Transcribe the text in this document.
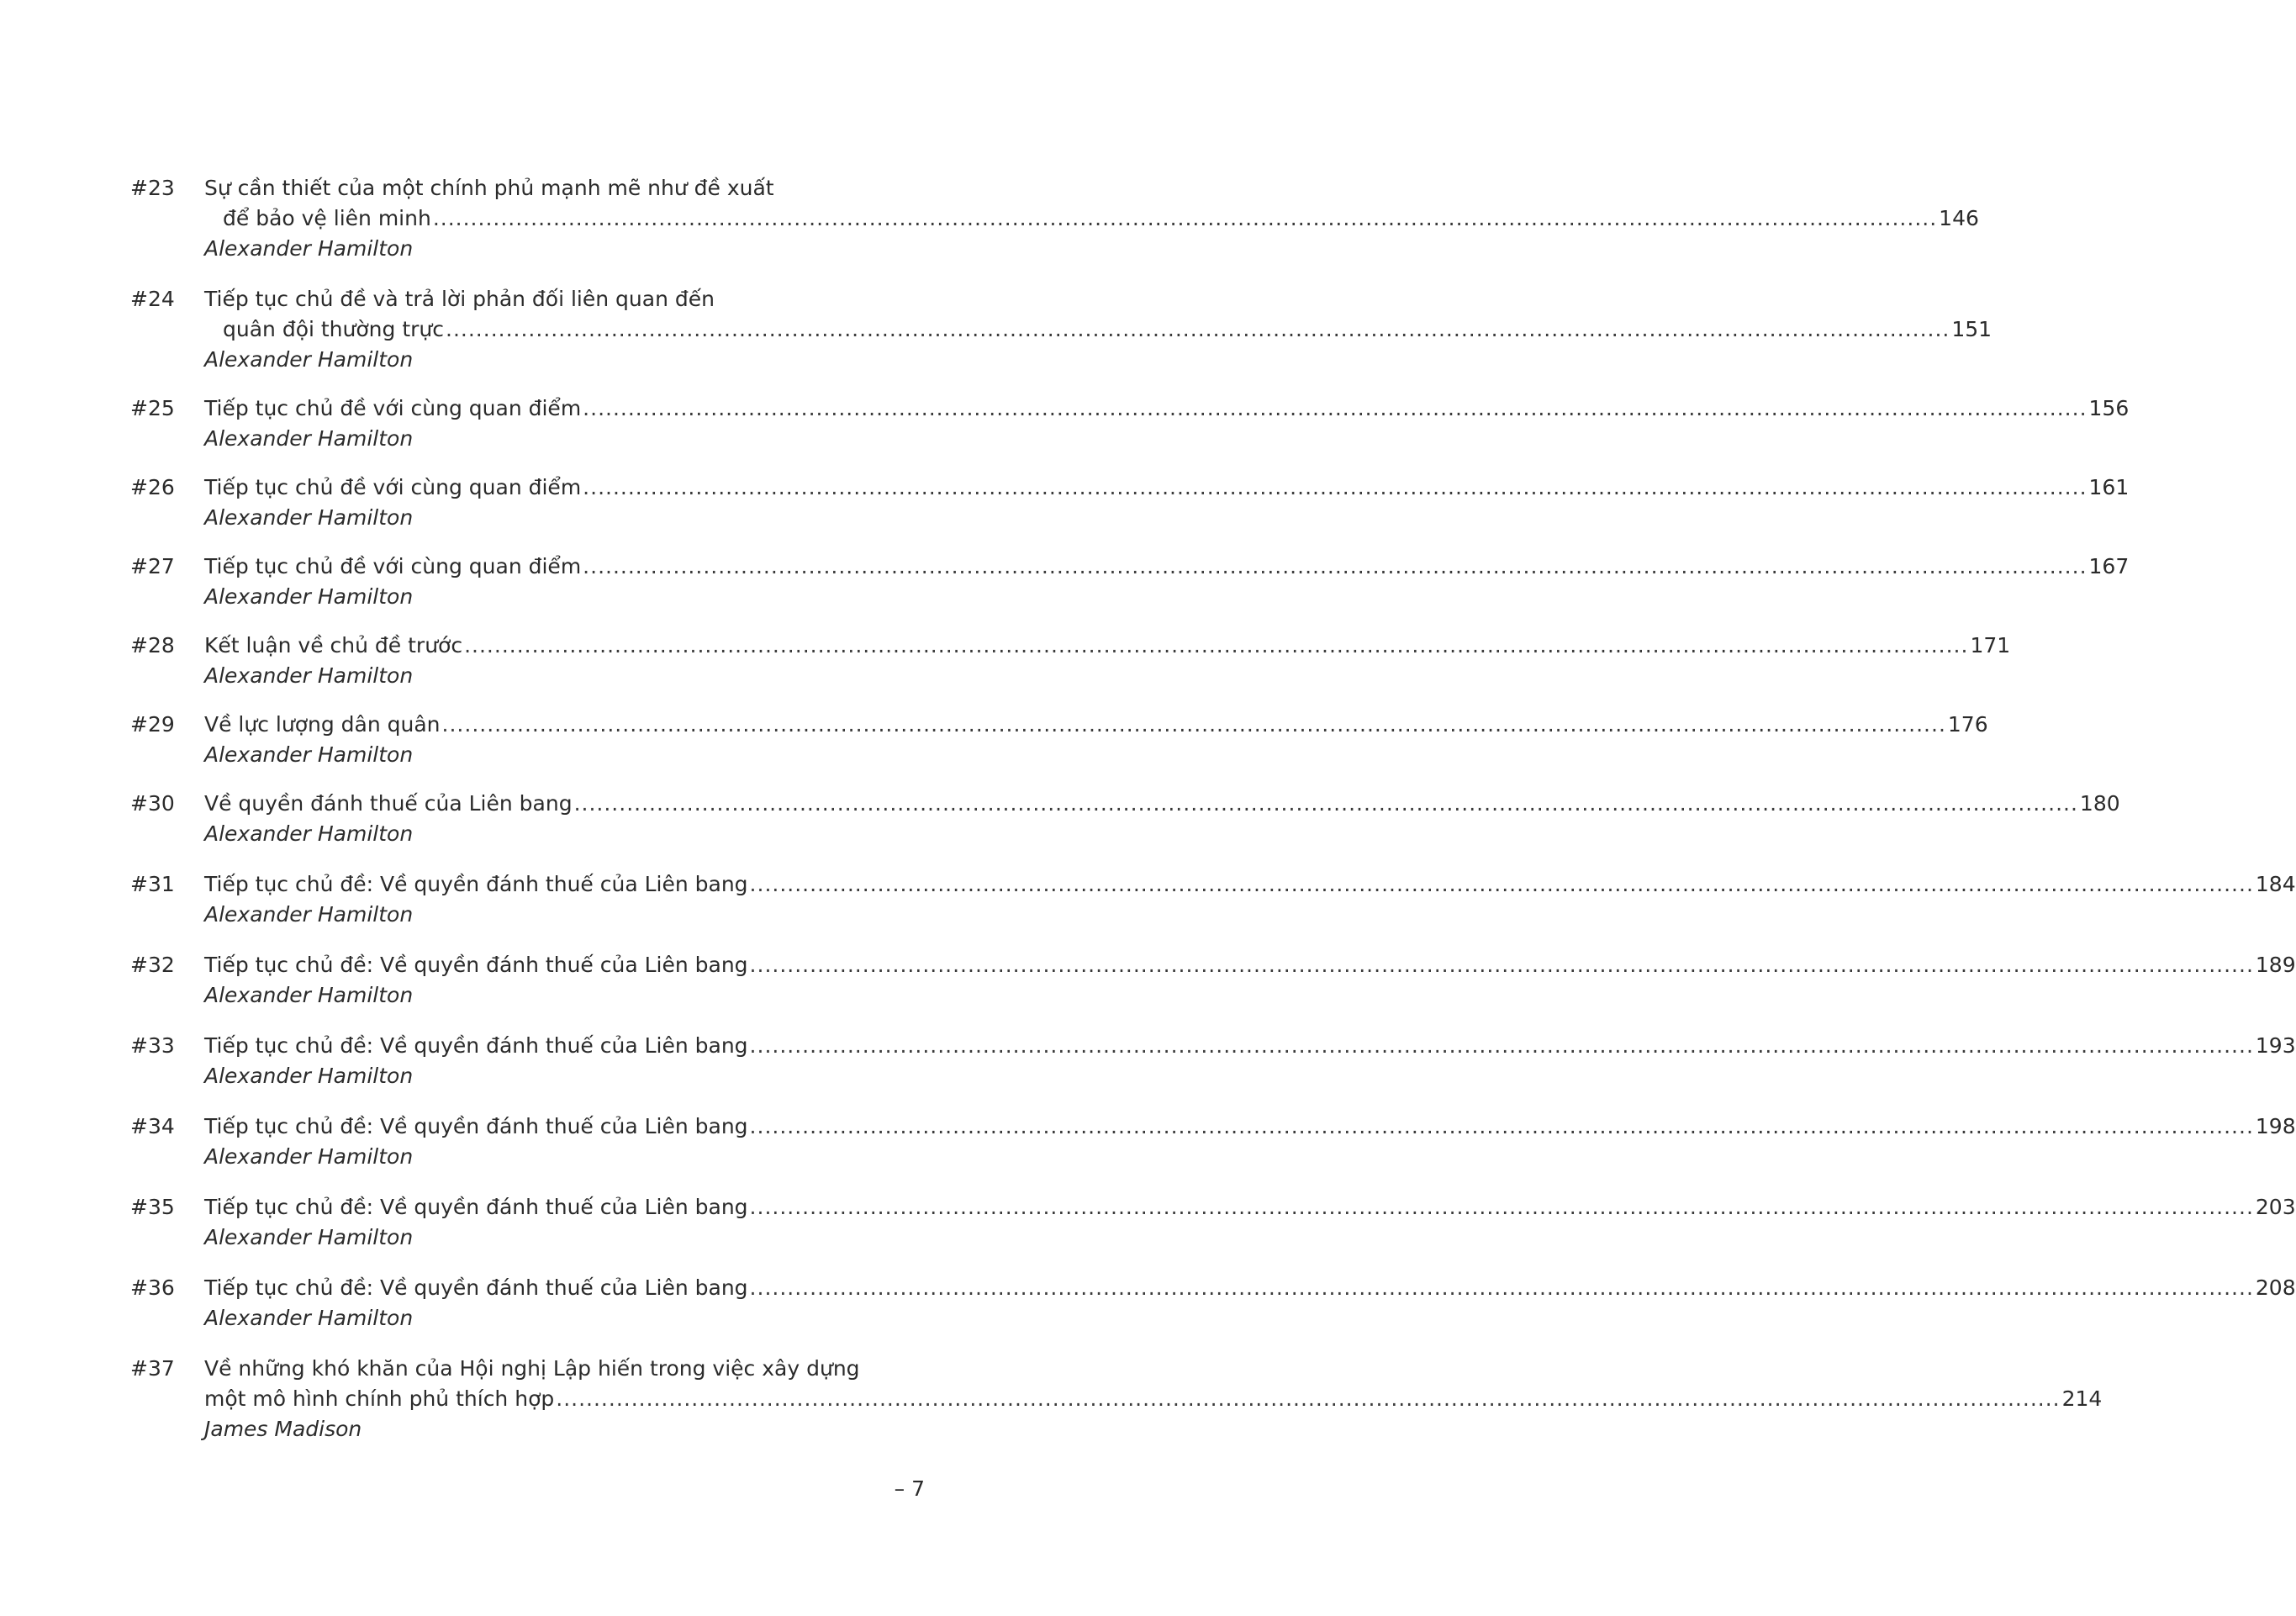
#23	Sự cần thiết của một chính phủ mạnh mẽ như đề xuất
để bảo vệ liên minh ........................................................................................................................................................................................................ 146
Alexander Hamilton
#24	Tiếp tục chủ đề và trả lời phản đối liên quan đến
quân đội thường trực ........................................................................................................................................................................................................ 151
Alexander Hamilton
#25	Tiếp tục chủ đề với cùng quan điểm ........................................................................................................................................................................................................ 156
Alexander Hamilton
#26	Tiếp tục chủ đề với cùng quan điểm ........................................................................................................................................................................................................ 161
Alexander Hamilton
#27	Tiếp tục chủ đề với cùng quan điểm ........................................................................................................................................................................................................ 167
Alexander Hamilton
#28	Kết luận về chủ đề trước ........................................................................................................................................................................................................ 171
Alexander Hamilton
#29	Về lực lượng dân quân ........................................................................................................................................................................................................ 176
Alexander Hamilton
#30	Về quyền đánh thuế của Liên bang ........................................................................................................................................................................................................ 180
Alexander Hamilton
#31	Tiếp tục chủ đề: Về quyền đánh thuế của Liên bang ........................................................................................................................................................................................................ 184
Alexander Hamilton
#32	Tiếp tục chủ đề: Về quyền đánh thuế của Liên bang ........................................................................................................................................................................................................ 189
Alexander Hamilton
#33	Tiếp tục chủ đề: Về quyền đánh thuế của Liên bang ........................................................................................................................................................................................................ 193
Alexander Hamilton
#34	Tiếp tục chủ đề: Về quyền đánh thuế của Liên bang ........................................................................................................................................................................................................ 198
Alexander Hamilton
#35	Tiếp tục chủ đề: Về quyền đánh thuế của Liên bang ........................................................................................................................................................................................................ 203
Alexander Hamilton
#36	Tiếp tục chủ đề: Về quyền đánh thuế của Liên bang ........................................................................................................................................................................................................ 208
Alexander Hamilton
#37	Về những khó khăn của Hội nghị Lập hiến trong việc xây dựng
một mô hình chính phủ thích hợp ........................................................................................................................................................................................................ 214
James Madison
– 7
